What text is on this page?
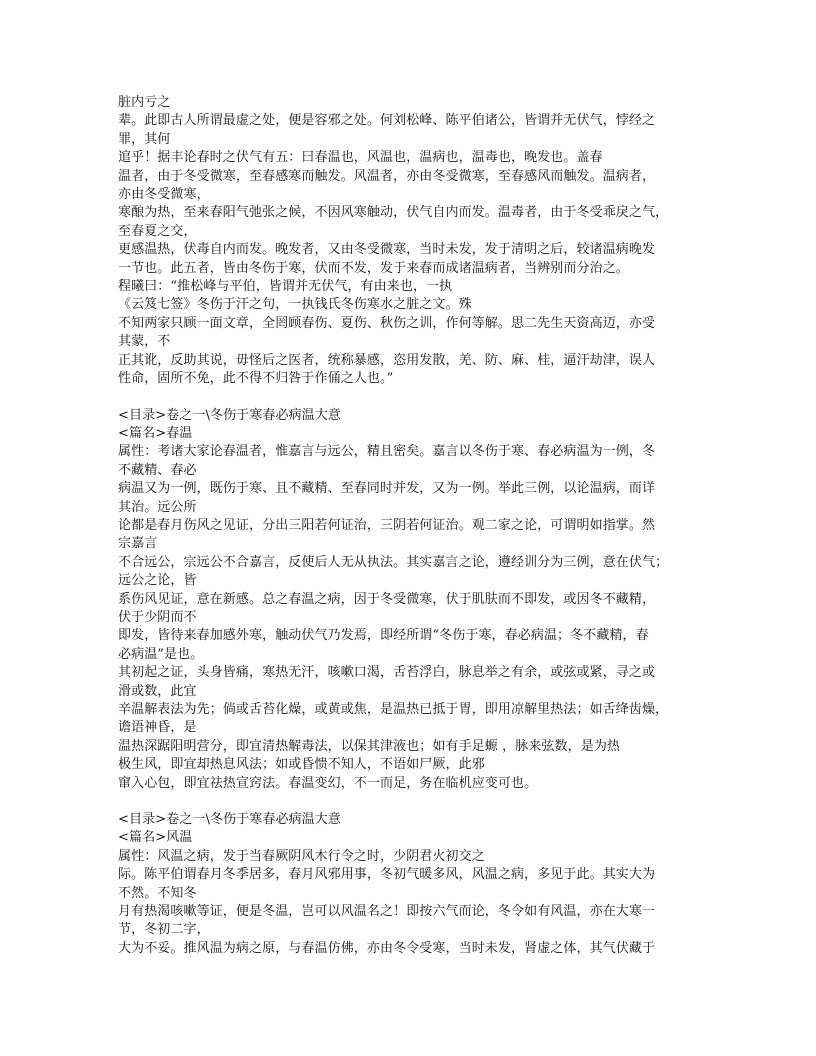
脏内亏之
辈。此即古人所谓最虚之处，便是容邪之处。何刘松峰、陈平伯诸公，皆谓并无伏气，悖经之
罪，其何
逭乎！据丰论春时之伏气有五：曰春温也，风温也，温病也，温毒也，晚发也。盖春
温者，由于冬受微寒，至春感寒而触发。风温者，亦由冬受微寒，至春感风而触发。温病者，
亦由冬受微寒，
寒酿为热，至来春阳气弛张之候，不因风寒触动，伏气自内而发。温毒者，由于冬受乖戾之气，
至春夏之交，
更感温热，伏毒自内而发。晚发者，又由冬受微寒，当时未发，发于清明之后，较诸温病晚发
一节也。此五者，皆由冬伤于寒，伏而不发，发于来春而成诸温病者，当辨别而分治之。
程曦曰：“推松峰与平伯，皆谓并无伏气，有由来也，一执
《云笈七签》冬伤于汗之句，一执钱氏冬伤寒水之脏之文。殊
不知两家只顾一面文章，全罔顾春伤、夏伤、秋伤之训，作何等解。思二先生天资高迈，亦受
其蒙，不
正其讹，反助其说，毋怪后之医者，统称暴感，恣用发散，羌、防、麻、桂，逼汗劫津，误人
性命，固所不免，此不得不归咎于作俑之人也。”
<目录>卷之一\冬伤于寒春必病温大意
<篇名>春温
属性：考诸大家论春温者，惟嘉言与远公，精且密矣。嘉言以冬伤于寒、春必病温为一例，冬
不藏精、春必
病温又为一例，既伤于寒、且不藏精、至春同时并发，又为一例。举此三例，以论温病，而详
其治。远公所
论都是春月伤风之见证，分出三阳若何证治，三阴若何证治。观二家之论，可谓明如指掌。然
宗嘉言
不合远公，宗远公不合嘉言，反使后人无从执法。其实嘉言之论，遵经训分为三例，意在伏气；
远公之论，皆
系伤风见证，意在新感。总之春温之病，因于冬受微寒，伏于肌肤而不即发，或因冬不藏精，
伏于少阴而不
即发，皆待来春加感外寒，触动伏气乃发焉，即经所谓“冬伤于寒，春必病温；冬不藏精，春
必病温”是也。
其初起之证，头身皆痛，寒热无汗，咳嗽口渴，舌苔浮白，脉息举之有余，或弦或紧，寻之或
滑或数，此宜
辛温解表法为先；倘或舌苔化燥，或黄或焦，是温热已抵于胃，即用凉解里热法；如舌绛齿燥，
谵语神昏，是
温热深踞阳明营分，即宜清热解毒法，以保其津液也；如有手足螈 ，脉来弦数，是为热
极生风，即宜却热息风法；如或昏愦不知人，不语如尸厥，此邪
窜入心包，即宜祛热宣窍法。春温变幻，不一而足，务在临机应变可也。
<目录>卷之一\冬伤于寒春必病温大意
<篇名>风温
属性：风温之病，发于当春厥阴风木行令之时，少阴君火初交之
际。陈平伯谓春月冬季居多，春月风邪用事，冬初气暖多风，风温之病，多见于此。其实大为
不然。不知冬
月有热渴咳嗽等证，便是冬温，岂可以风温名之！即按六气而论，冬令如有风温，亦在大寒一
节，冬初二字，
大为不妥。推风温为病之原，与春温仿佛，亦由冬令受寒，当时未发，肾虚之体，其气伏藏于
